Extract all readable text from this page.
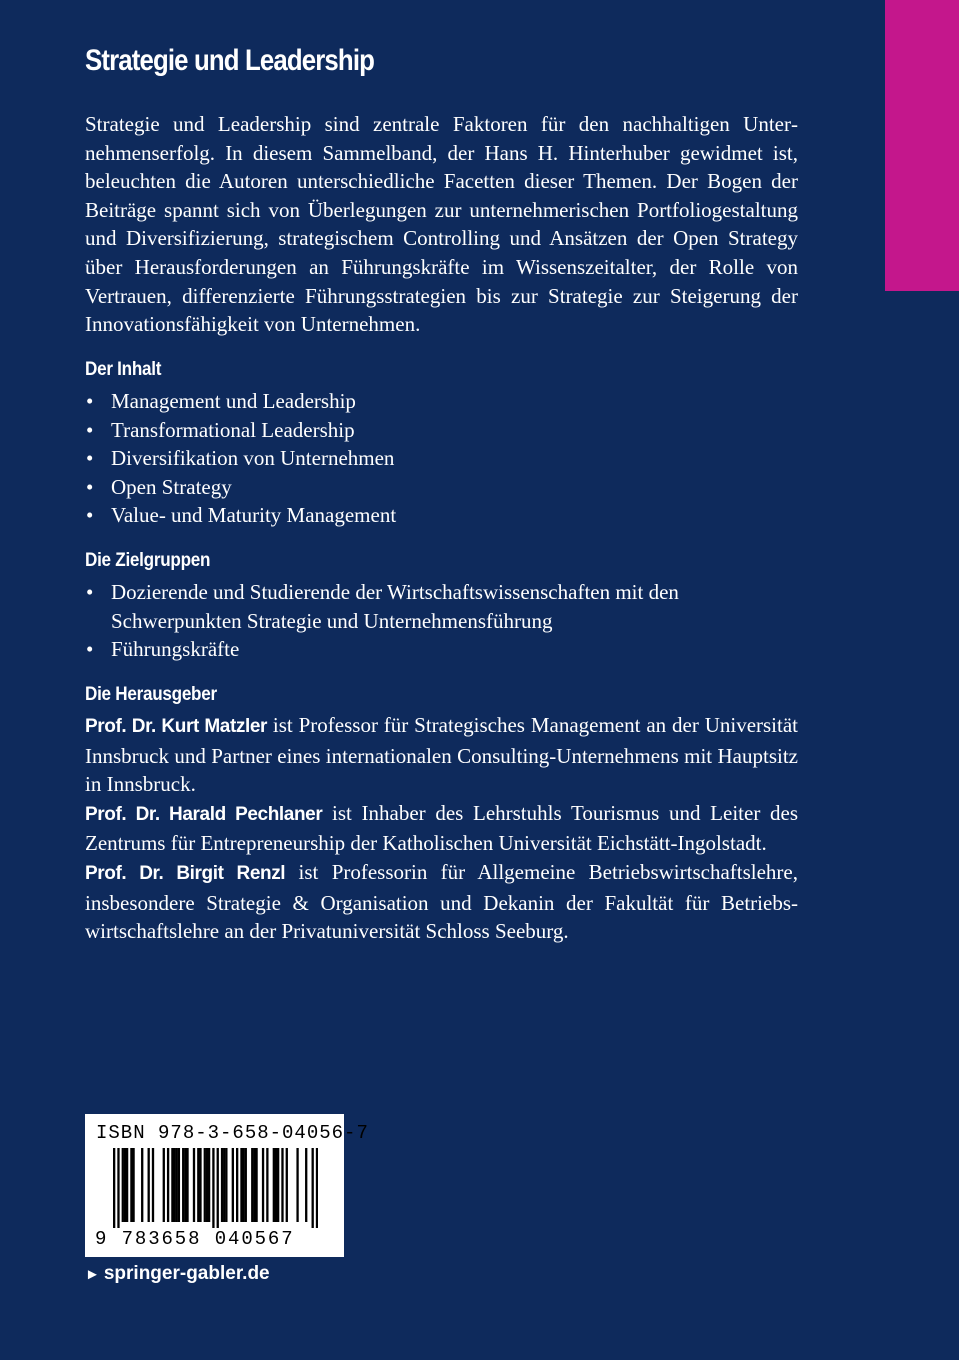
Strategie und Leadership

Strategie und Leadership sind zentrale Faktoren für den nachhaltigen Unternehmenserfolg. In diesem Sammelband, der Hans H. Hinterhuber gewidmet ist, beleuchten die Autoren unterschiedliche Facetten dieser Themen. Der Bogen der Beiträge spannt sich von Überlegungen zur unternehmerischen Portfoliogestaltung und Diversifizierung, strategischem Controlling und Ansätzen der Open Strategy über Herausforderungen an Führungskräfte im Wissenszeitalter, der Rolle von Vertrauen, differenzierte Führungsstrategien bis zur Strategie zur Steigerung der Innovationsfähigkeit von Unternehmen.

Der Inhalt
• Management und Leadership
• Transformational Leadership
• Diversifikation von Unternehmen
• Open Strategy
• Value- und Maturity Management
Die Zielgruppen
• Dozierende und Studierende der Wirtschaftswissenschaften mit den Schwerpunkten Strategie und Unternehmensführung
• Führungskräfte
Die Herausgeber

Prof. Dr. Kurt Matzler ist Professor für Strategisches Management an der Universität Innsbruck und Partner eines internationalen Consulting-Unternehmens mit Hauptsitz in Innsbruck.

Prof. Dr. Harald Pechlaner ist Inhaber des Lehrstuhls Tourismus und Leiter des Zentrums für Entrepreneurship der Katholischen Universität Eichstätt-Ingolstadt.

Prof. Dr. Birgit Renzl ist Professorin für Allgemeine Betriebswirtschaftslehre, insbesondere Strategie & Organisation und Dekanin der Fakultät für Betriebswirtschaftslehre an der Privatuniversität Schloss Seeburg.

ISBN 978-3-658-04056-7
9 783658 040567
► springer-gabler.de
